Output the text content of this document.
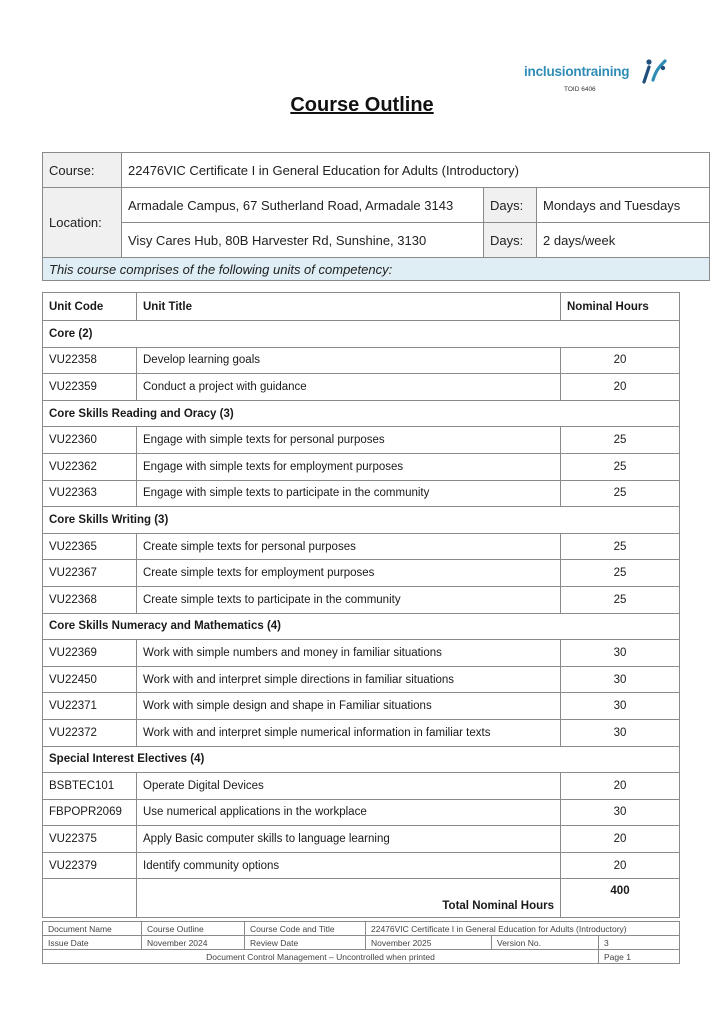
inclusiontraining
TOID 6406
Course Outline
Course:	22476VIC Certificate I in General Education for Adults (Introductory)		
Location:	Armadale Campus, 67 Sutherland Road, Armadale 3143	Days:	Mondays and Tuesdays
	Visy Cares Hub, 80B Harvester Rd, Sunshine, 3130	Days:	2 days/week
This course comprises of the following units of competency:			
Unit Code	Unit Title	Nominal Hours
Core (2)		
VU22358	Develop learning goals	20
VU22359	Conduct a project with guidance	20
Core Skills Reading and Oracy (3)		
VU22360	Engage with simple texts for personal purposes	25
VU22362	Engage with simple texts for employment purposes	25
VU22363	Engage with simple texts to participate in the community	25
Core Skills Writing (3)		
VU22365	Create simple texts for personal purposes	25
VU22367	Create simple texts for employment purposes	25
VU22368	Create simple texts to participate in the community	25
Core Skills Numeracy and Mathematics (4)		
VU22369	Work with simple numbers and money in familiar situations	30
VU22450	Work with and interpret simple directions in familiar situations	30
VU22371	Work with simple design and shape in Familiar situations	30
VU22372	Work with and interpret simple numerical information in familiar texts	30
Special Interest Electives (4)		
BSBTEC101	Operate Digital Devices	20
FBPOPR2069	Use numerical applications in the workplace	30
VU22375	Apply Basic computer skills to language learning	20
VU22379	Identify community options	20
	Total Nominal Hours	400
Document Name	Course Outline	Course Code and Title	22476VIC Certificate I in General Education for Adults (Introductory)		
Issue Date	November 2024	Review Date	November 2025	Version No.	3
Document Control Management – Uncontrolled when printed					Page 1
